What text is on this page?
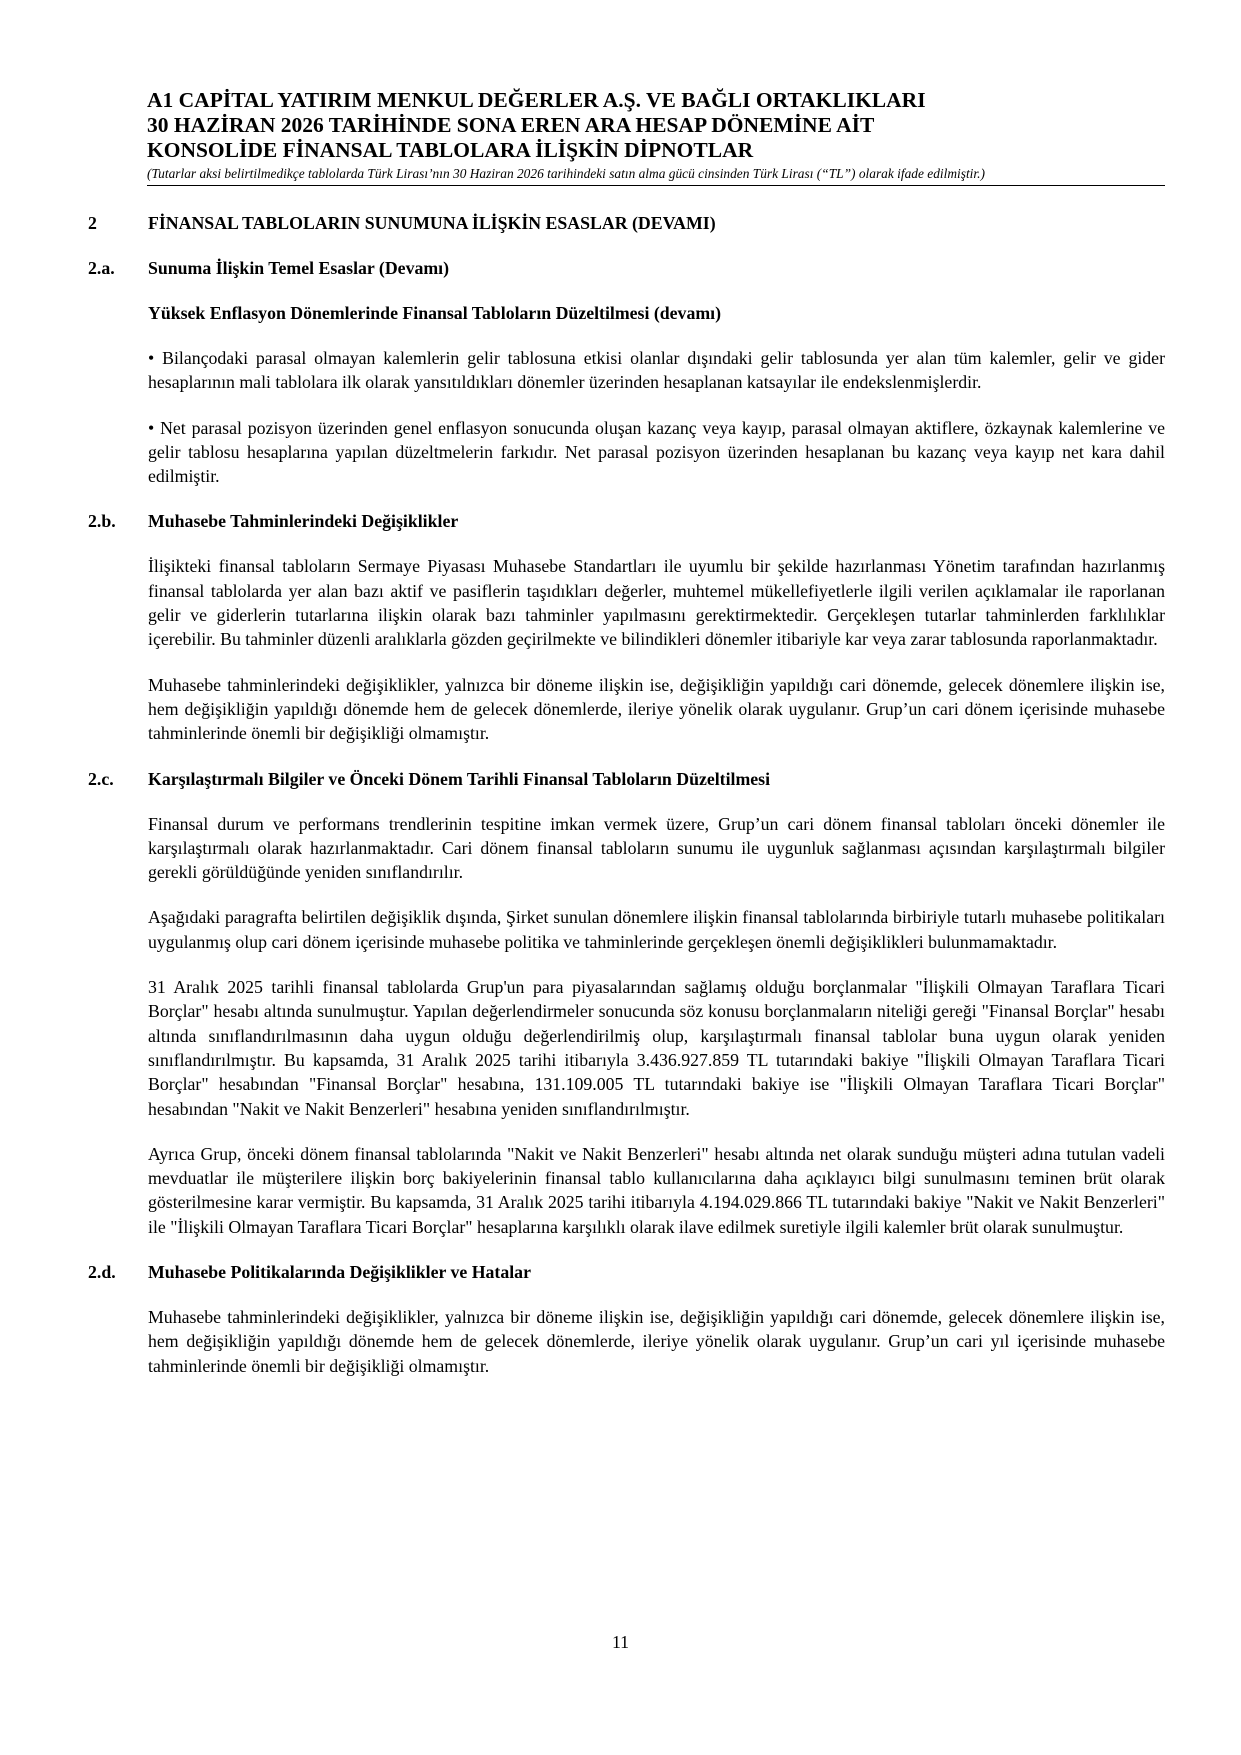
A1 CAPİTAL YATIRIM MENKUL DEĞERLER A.Ş. VE BAĞLI ORTAKLIKLARI
30 HAZİRAN 2026 TARİHİNDE SONA EREN ARA HESAP DÖNEMİNE AİT
KONSOLİDE FİNANSAL TABLOLARA İLİŞKİN DİPNOTLAR
(Tutarlar aksi belirtilmedikçe tablolarda Türk Lirası’nın 30 Haziran 2026 tarihindeki satın alma gücü cinsinden Türk Lirası (“TL”) olarak ifade edilmiştir.)
2	FİNANSAL TABLOLARIN SUNUMUNA İLİŞKİN ESASLAR (DEVAMI)
2.a.	Sunuma İlişkin Temel Esaslar (Devamı)
Yüksek Enflasyon Dönemlerinde Finansal Tabloların Düzeltilmesi (devamı)

• Bilançodaki parasal olmayan kalemlerin gelir tablosuna etkisi olanlar dışındaki gelir tablosunda yer alan tüm kalemler, gelir ve gider hesaplarının mali tablolara ilk olarak yansıtıldıkları dönemler üzerinden hesaplanan katsayılar ile endekslenmişlerdir.

• Net parasal pozisyon üzerinden genel enflasyon sonucunda oluşan kazanç veya kayıp, parasal olmayan aktiflere, özkaynak kalemlerine ve gelir tablosu hesaplarına yapılan düzeltmelerin farkıdır. Net parasal pozisyon üzerinden hesaplanan bu kazanç veya kayıp net kara dahil edilmiştir.

2.b.	Muhasebe Tahminlerindeki Değişiklikler

İlişikteki finansal tabloların Sermaye Piyasası Muhasebe Standartları ile uyumlu bir şekilde hazırlanması Yönetim tarafından hazırlanmış finansal tablolarda yer alan bazı aktif ve pasiflerin taşıdıkları değerler, muhtemel mükellefiyetlerle ilgili verilen açıklamalar ile raporlanan gelir ve giderlerin tutarlarına ilişkin olarak bazı tahminler yapılmasını gerektirmektedir. Gerçekleşen tutarlar tahminlerden farklılıklar içerebilir. Bu tahminler düzenli aralıklarla gözden geçirilmekte ve bilindikleri dönemler itibariyle kar veya zarar tablosunda raporlanmaktadır.

Muhasebe tahminlerindeki değişiklikler, yalnızca bir döneme ilişkin ise, değişikliğin yapıldığı cari dönemde, gelecek dönemlere ilişkin ise, hem değişikliğin yapıldığı dönemde hem de gelecek dönemlerde, ileriye yönelik olarak uygulanır. Grup’un cari dönem içerisinde muhasebe tahminlerinde önemli bir değişikliği olmamıştır.

2.c.	Karşılaştırmalı Bilgiler ve Önceki Dönem Tarihli Finansal Tabloların Düzeltilmesi

Finansal durum ve performans trendlerinin tespitine imkan vermek üzere, Grup’un cari dönem finansal tabloları önceki dönemler ile karşılaştırmalı olarak hazırlanmaktadır. Cari dönem finansal tabloların sunumu ile uygunluk sağlanması açısından karşılaştırmalı bilgiler gerekli görüldüğünde yeniden sınıflandırılır.

Aşağıdaki paragrafta belirtilen değişiklik dışında, Şirket sunulan dönemlere ilişkin finansal tablolarında birbiriyle tutarlı muhasebe politikaları uygulanmış olup cari dönem içerisinde muhasebe politika ve tahminlerinde gerçekleşen önemli değişiklikleri bulunmamaktadır.

31 Aralık 2025 tarihli finansal tablolarda Grup'un para piyasalarından sağlamış olduğu borçlanmalar "İlişkili Olmayan Taraflara Ticari Borçlar" hesabı altında sunulmuştur. Yapılan değerlendirmeler sonucunda söz konusu borçlanmaların niteliği gereği "Finansal Borçlar" hesabı altında sınıflandırılmasının daha uygun olduğu değerlendirilmiş olup, karşılaştırmalı finansal tablolar buna uygun olarak yeniden sınıflandırılmıştır. Bu kapsamda, 31 Aralık 2025 tarihi itibarıyla 3.436.927.859 TL tutarındaki bakiye "İlişkili Olmayan Taraflara Ticari Borçlar" hesabından "Finansal Borçlar" hesabına, 131.109.005 TL tutarındaki bakiye ise "İlişkili Olmayan Taraflara Ticari Borçlar" hesabından "Nakit ve Nakit Benzerleri" hesabına yeniden sınıflandırılmıştır.

Ayrıca Grup, önceki dönem finansal tablolarında "Nakit ve Nakit Benzerleri" hesabı altında net olarak sunduğu müşteri adına tutulan vadeli mevduatlar ile müşterilere ilişkin borç bakiyelerinin finansal tablo kullanıcılarına daha açıklayıcı bilgi sunulmasını teminen brüt olarak gösterilmesine karar vermiştir. Bu kapsamda, 31 Aralık 2025 tarihi itibarıyla 4.194.029.866 TL tutarındaki bakiye "Nakit ve Nakit Benzerleri" ile "İlişkili Olmayan Taraflara Ticari Borçlar" hesaplarına karşılıklı olarak ilave edilmek suretiyle ilgili kalemler brüt olarak sunulmuştur.

2.d.	Muhasebe Politikalarında Değişiklikler ve Hatalar

Muhasebe tahminlerindeki değişiklikler, yalnızca bir döneme ilişkin ise, değişikliğin yapıldığı cari dönemde, gelecek dönemlere ilişkin ise, hem değişikliğin yapıldığı dönemde hem de gelecek dönemlerde, ileriye yönelik olarak uygulanır. Grup’un cari yıl içerisinde muhasebe tahminlerinde önemli bir değişikliği olmamıştır.

11
